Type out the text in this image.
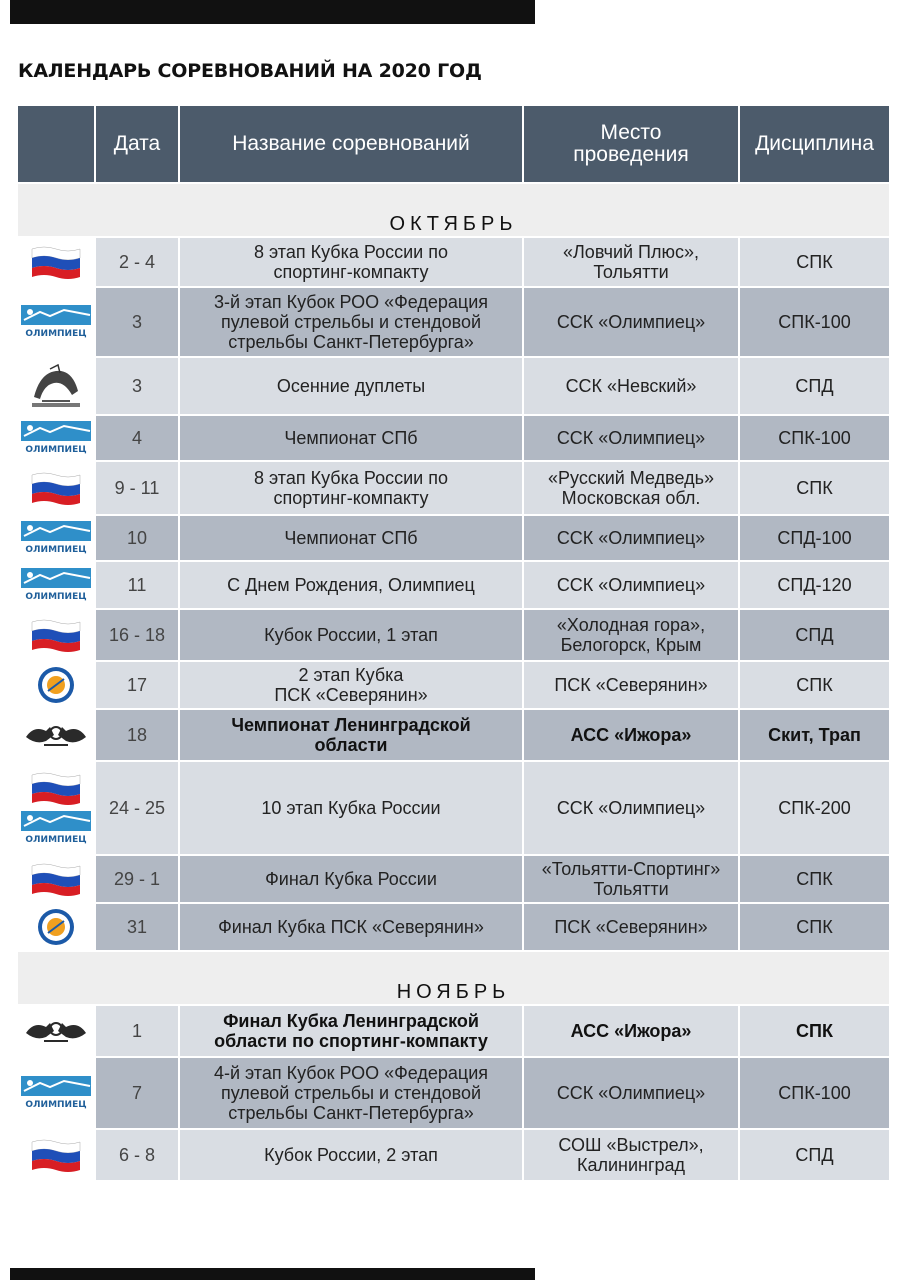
КАЛЕНДАРЬ СОРЕВНОВАНИЙ НА 2020 ГОД
	Дата	Название соревнований	Место
проведения	Дисциплина
ОКТЯБРЬ				

	2 - 4	8 этап Кубка России по
спортинг-компакту	«Ловчий Плюс»,
Тольятти	СПК

ОЛИМПИЕЦ	3	3-й этап Кубок РОО «Федерация
пулевой стрельбы и стендовой
стрельбы Санкт-Петербурга»	ССК «Олимпиец»	СПК-100

	3	Осенние дуплеты	ССК «Невский»	СПД

ОЛИМПИЕЦ	4	Чемпионат СПб	ССК «Олимпиец»	СПК-100

	9 - 11	8 этап Кубка России по
спортинг-компакту	«Русский Медведь»
Московская обл.	СПК

ОЛИМПИЕЦ	10	Чемпионат СПб	ССК «Олимпиец»	СПД-100

ОЛИМПИЕЦ	11	С Днем Рождения, Олимпиец	ССК «Олимпиец»	СПД-120

	16 - 18	Кубок России, 1 этап	«Холодная гора»,
Белогорск, Крым	СПД

	17	2 этап Кубка
ПСК «Северянин»	ПСК «Северянин»	СПК

	18	Чемпионат Ленинградской
области	АСС «Ижора»	Скит, Трап

ОЛИМПИЕЦ	24 - 25	10 этап Кубка России	ССК «Олимпиец»	СПК-200

	29 - 1	Финал Кубка России	«Тольятти-Спортинг»
Тольятти	СПК

	31	Финал Кубка ПСК «Северянин»	ПСК «Северянин»	СПК
НОЯБРЬ				

	1	Финал Кубка Ленинградской
области по спортинг-компакту	АСС «Ижора»	СПК

ОЛИМПИЕЦ	7	4-й этап Кубок РОО «Федерация
пулевой стрельбы и стендовой
стрельбы Санкт-Петербурга»	ССК «Олимпиец»	СПК-100

	6 - 8	Кубок России, 2 этап	СОШ «Выстрел»,
Калининград	СПД
